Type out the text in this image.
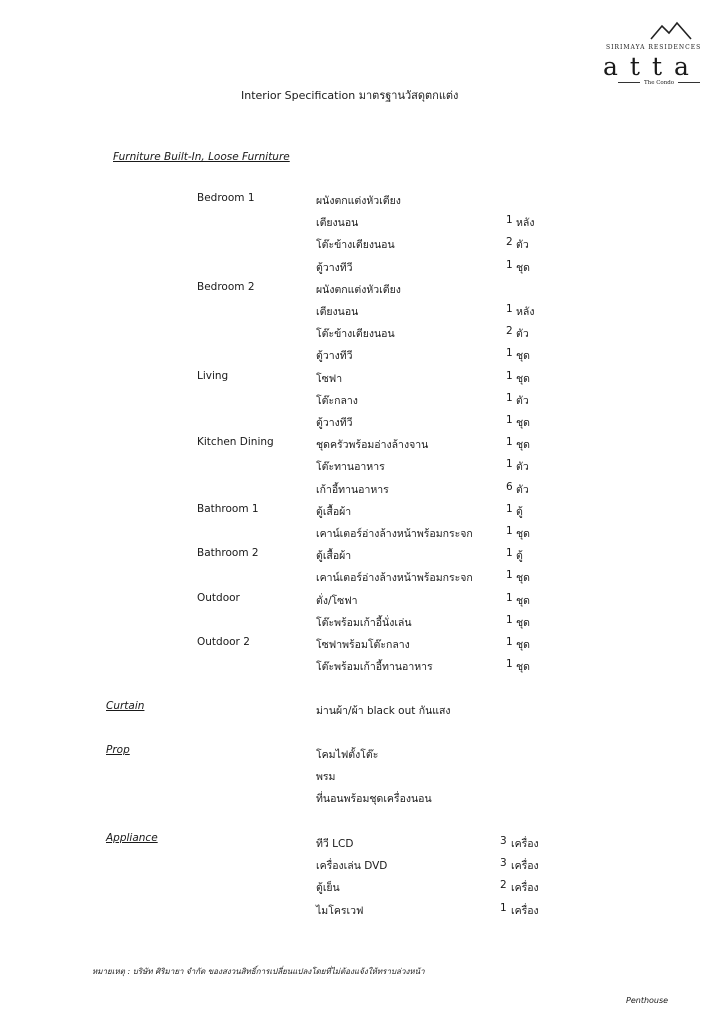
SIRIMAYA RESIDENCES
atta
The Condo
Interior Specification มาตรฐานวัสดุตกแต่ง
Furniture Built-In, Loose Furniture
Bedroom 1	ผนังตกแต่งหัวเตียง
เตียงนอน	1 หลัง
โต๊ะข้างเตียงนอน	2 ตัว
ตู้วางทีวี	1 ชุด
Bedroom 2	ผนังตกแต่งหัวเตียง
เตียงนอน	1 หลัง
โต๊ะข้างเตียงนอน	2 ตัว
ตู้วางทีวี	1 ชุด
Living	โซฟา	1 ชุด
โต๊ะกลาง	1 ตัว
ตู้วางทีวี	1 ชุด
Kitchen Dining	ชุดครัวพร้อมอ่างล้างจาน	1 ชุด
โต๊ะทานอาหาร	1 ตัว
เก้าอี้ทานอาหาร	6 ตัว
Bathroom 1	ตู้เสื้อผ้า	1 ตู้
เคาน์เตอร์อ่างล้างหน้าพร้อมกระจก	1 ชุด
Bathroom 2	ตู้เสื้อผ้า	1 ตู้
เคาน์เตอร์อ่างล้างหน้าพร้อมกระจก	1 ชุด
Outdoor	ตั่ง/โซฟา	1 ชุด
โต๊ะพร้อมเก้าอี้นั่งเล่น	1 ชุด
Outdoor 2	โซฟาพร้อมโต๊ะกลาง	1 ชุด
โต๊ะพร้อมเก้าอี้ทานอาหาร	1 ชุด
Curtain	ม่านผ้า/ผ้า black out กันแสง
Prop	โคมไฟตั้งโต๊ะ
พรม
ที่นอนพร้อมชุดเครื่องนอน
Appliance	ทีวี LCD	3 เครื่อง
เครื่องเล่น DVD	3 เครื่อง
ตู้เย็น	2 เครื่อง
ไมโครเวฟ	1 เครื่อง
หมายเหตุ : บริษัท ศิริมายา จำกัด ของสงวนสิทธิ์การเปลี่ยนแปลงโดยที่ไม่ต้องแจ้งให้ทราบล่วงหน้า
Penthouse
